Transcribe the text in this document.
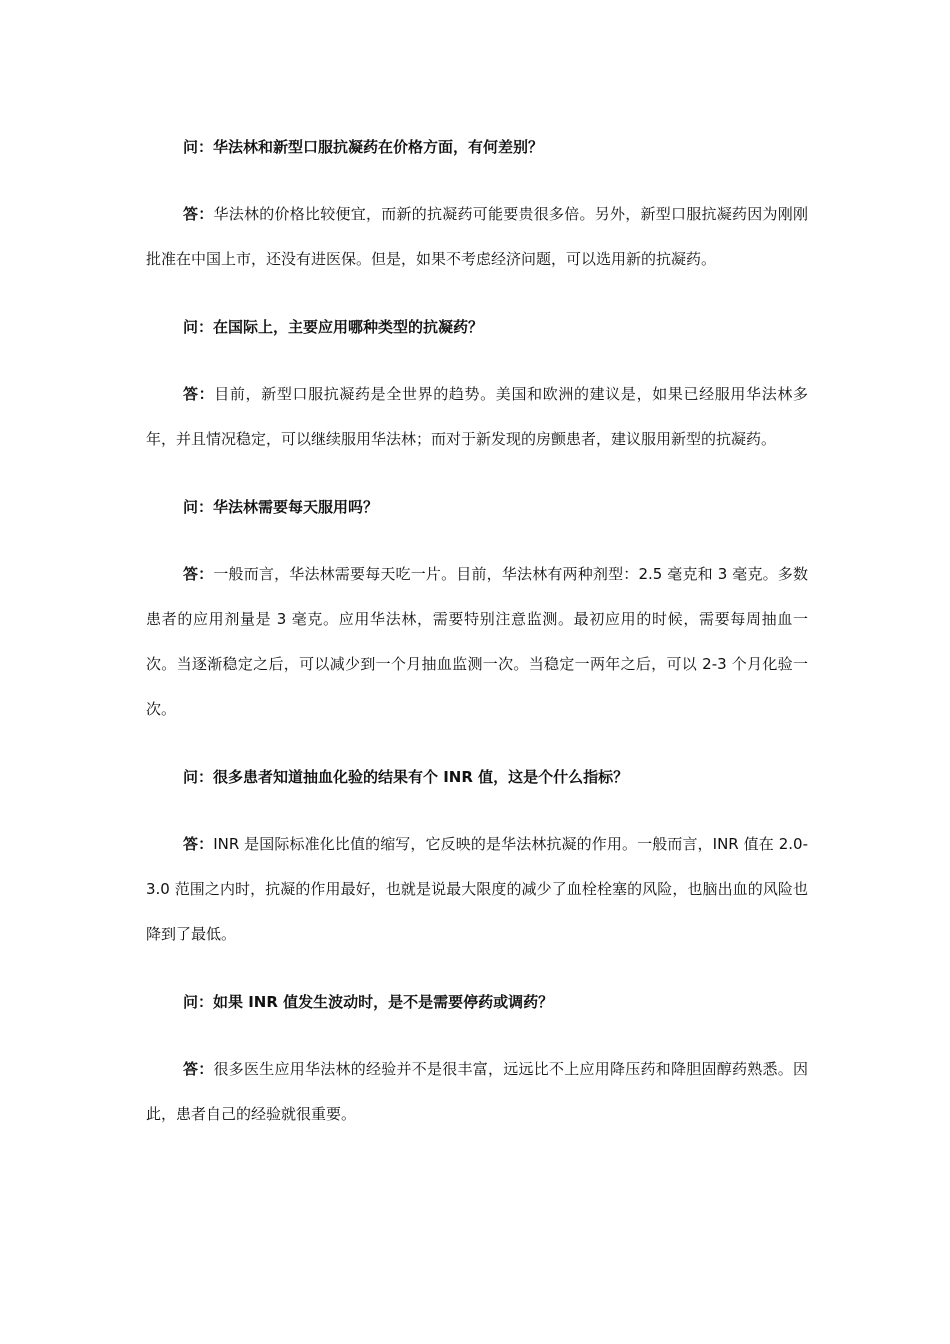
问：华法林和新型口服抗凝药在价格方面，有何差别？

答：华法林的价格比较便宜，而新的抗凝药可能要贵很多倍。另外，新型口服抗凝药因为刚刚批准在中国上市，还没有进医保。但是，如果不考虑经济问题，可以选用新的抗凝药。

问：在国际上，主要应用哪种类型的抗凝药？

答：目前，新型口服抗凝药是全世界的趋势。美国和欧洲的建议是，如果已经服用华法林多年，并且情况稳定，可以继续服用华法林；而对于新发现的房颤患者，建议服用新型的抗凝药。

问：华法林需要每天服用吗？

答：一般而言，华法林需要每天吃一片。目前，华法林有两种剂型：2.5 毫克和 3 毫克。多数患者的应用剂量是 3 毫克。应用华法林，需要特别注意监测。最初应用的时候，需要每周抽血一次。当逐渐稳定之后，可以减少到一个月抽血监测一次。当稳定一两年之后，可以 2-3 个月化验一次。

问：很多患者知道抽血化验的结果有个 INR 值，这是个什么指标？

答：INR 是国际标准化比值的缩写，它反映的是华法林抗凝的作用。一般而言，INR 值在 2.0-3.0 范围之内时，抗凝的作用最好，也就是说最大限度的减少了血栓栓塞的风险，也脑出血的风险也降到了最低。

问：如果 INR 值发生波动时，是不是需要停药或调药？

答：很多医生应用华法林的经验并不是很丰富，远远比不上应用降压药和降胆固醇药熟悉。因此，患者自己的经验就很重要。
